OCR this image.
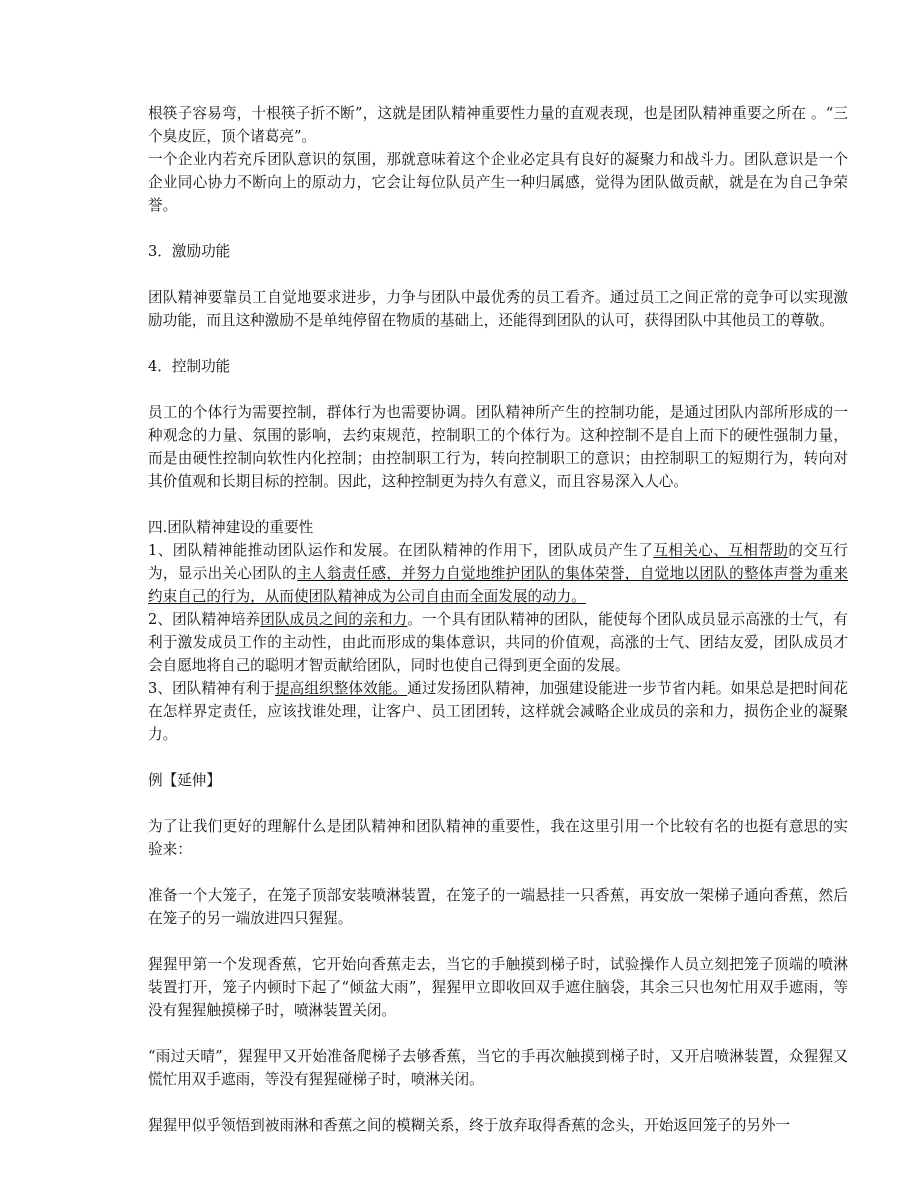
根筷子容易弯，十根筷子折不断”，这就是团队精神重要性力量的直观表现，也是团队精神重要之所在 。“三个臭皮匠，顶个诸葛亮”。

一个企业内若充斥团队意识的氛围，那就意味着这个企业必定具有良好的凝聚力和战斗力。团队意识是一个企业同心协力不断向上的原动力，它会让每位队员产生一种归属感，觉得为团队做贡献，就是在为自己争荣誉。

3．激励功能

团队精神要靠员工自觉地要求进步，力争与团队中最优秀的员工看齐。通过员工之间正常的竞争可以实现激励功能，而且这种激励不是单纯停留在物质的基础上，还能得到团队的认可，获得团队中其他员工的尊敬。

4．控制功能

员工的个体行为需要控制，群体行为也需要协调。团队精神所产生的控制功能，是通过团队内部所形成的一种观念的力量、氛围的影响，去约束规范，控制职工的个体行为。这种控制不是自上而下的硬性强制力量，而是由硬性控制向软性内化控制；由控制职工行为，转向控制职工的意识；由控制职工的短期行为，转向对其价值观和长期目标的控制。因此，这种控制更为持久有意义，而且容易深入人心。

四.团队精神建设的重要性

1、团队精神能推动团队运作和发展。在团队精神的作用下，团队成员产生了互相关心、互相帮助的交互行为，显示出关心团队的主人翁责任感，并努力自觉地维护团队的集体荣誉，自觉地以团队的整体声誉为重来约束自己的行为，从而使团队精神成为公司自由而全面发展的动力。

2、团队精神培养团队成员之间的亲和力。一个具有团队精神的团队，能使每个团队成员显示高涨的士气，有利于激发成员工作的主动性，由此而形成的集体意识，共同的价值观，高涨的士气、团结友爱，团队成员才会自愿地将自己的聪明才智贡献给团队，同时也使自己得到更全面的发展。

3、团队精神有利于提高组织整体效能。通过发扬团队精神，加强建设能进一步节省内耗。如果总是把时间花在怎样界定责任，应该找谁处理，让客户、员工团团转，这样就会减略企业成员的亲和力，损伤企业的凝聚力。

例【延伸】

为了让我们更好的理解什么是团队精神和团队精神的重要性，我在这里引用一个比较有名的也挺有意思的实验来：

准备一个大笼子，在笼子顶部安装喷淋装置，在笼子的一端悬挂一只香蕉，再安放一架梯子通向香蕉，然后在笼子的另一端放进四只猩猩。

猩猩甲第一个发现香蕉，它开始向香蕉走去，当它的手触摸到梯子时，试验操作人员立刻把笼子顶端的喷淋装置打开，笼子内顿时下起了“倾盆大雨”，猩猩甲立即收回双手遮住脑袋，其余三只也匆忙用双手遮雨，等没有猩猩触摸梯子时，喷淋装置关闭。

“雨过天晴”，猩猩甲又开始准备爬梯子去够香蕉，当它的手再次触摸到梯子时，又开启喷淋装置，众猩猩又慌忙用双手遮雨，等没有猩猩碰梯子时，喷淋关闭。

猩猩甲似乎领悟到被雨淋和香蕉之间的模糊关系，终于放弃取得香蕉的念头，开始返回笼子的另外一
